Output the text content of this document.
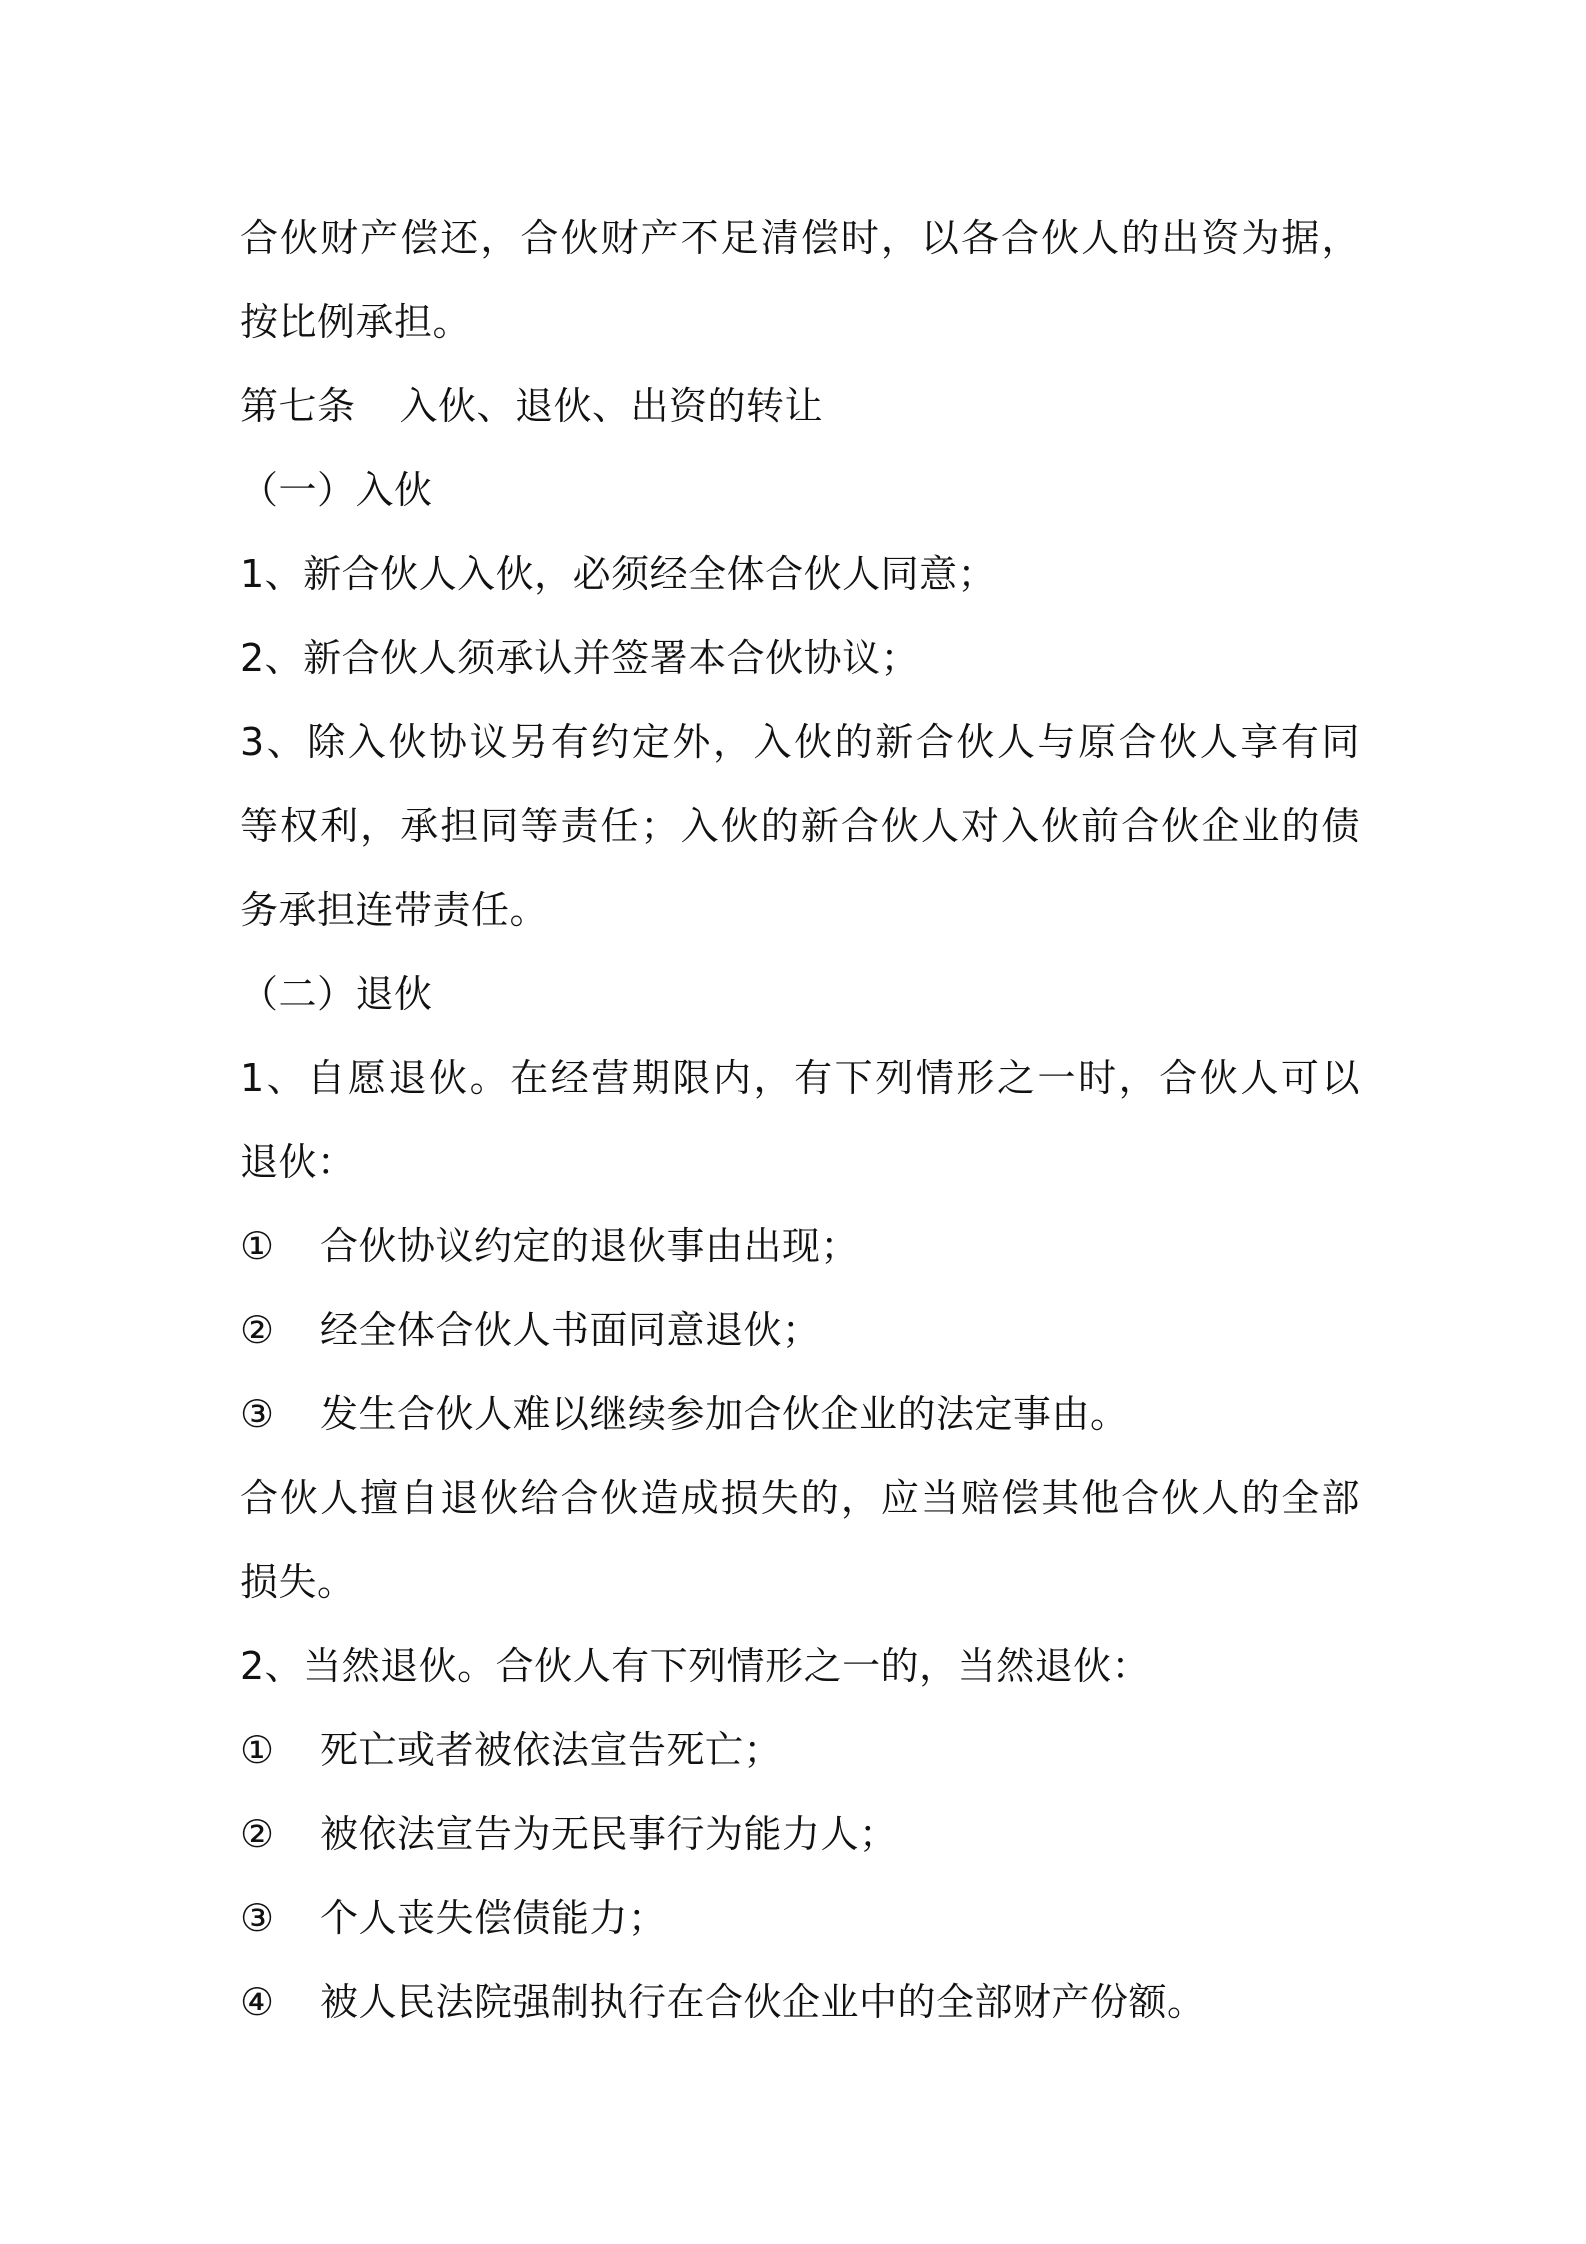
合伙财产偿还，合伙财产不足清偿时，以各合伙人的出资为据，
按比例承担。
第七条 入伙、退伙、出资的转让
（一）入伙
1、新合伙人入伙，必须经全体合伙人同意；
2、新合伙人须承认并签署本合伙协议；
3、除入伙协议另有约定外，入伙的新合伙人与原合伙人享有同
等权利，承担同等责任；入伙的新合伙人对入伙前合伙企业的债
务承担连带责任。
（二）退伙
1、自愿退伙。在经营期限内，有下列情形之一时，合伙人可以
退伙：
① 合伙协议约定的退伙事由出现；
② 经全体合伙人书面同意退伙；
③ 发生合伙人难以继续参加合伙企业的法定事由。
合伙人擅自退伙给合伙造成损失的，应当赔偿其他合伙人的全部
损失。
2、当然退伙。合伙人有下列情形之一的，当然退伙：
① 死亡或者被依法宣告死亡；
② 被依法宣告为无民事行为能力人；
③ 个人丧失偿债能力；
④ 被人民法院强制执行在合伙企业中的全部财产份额。
